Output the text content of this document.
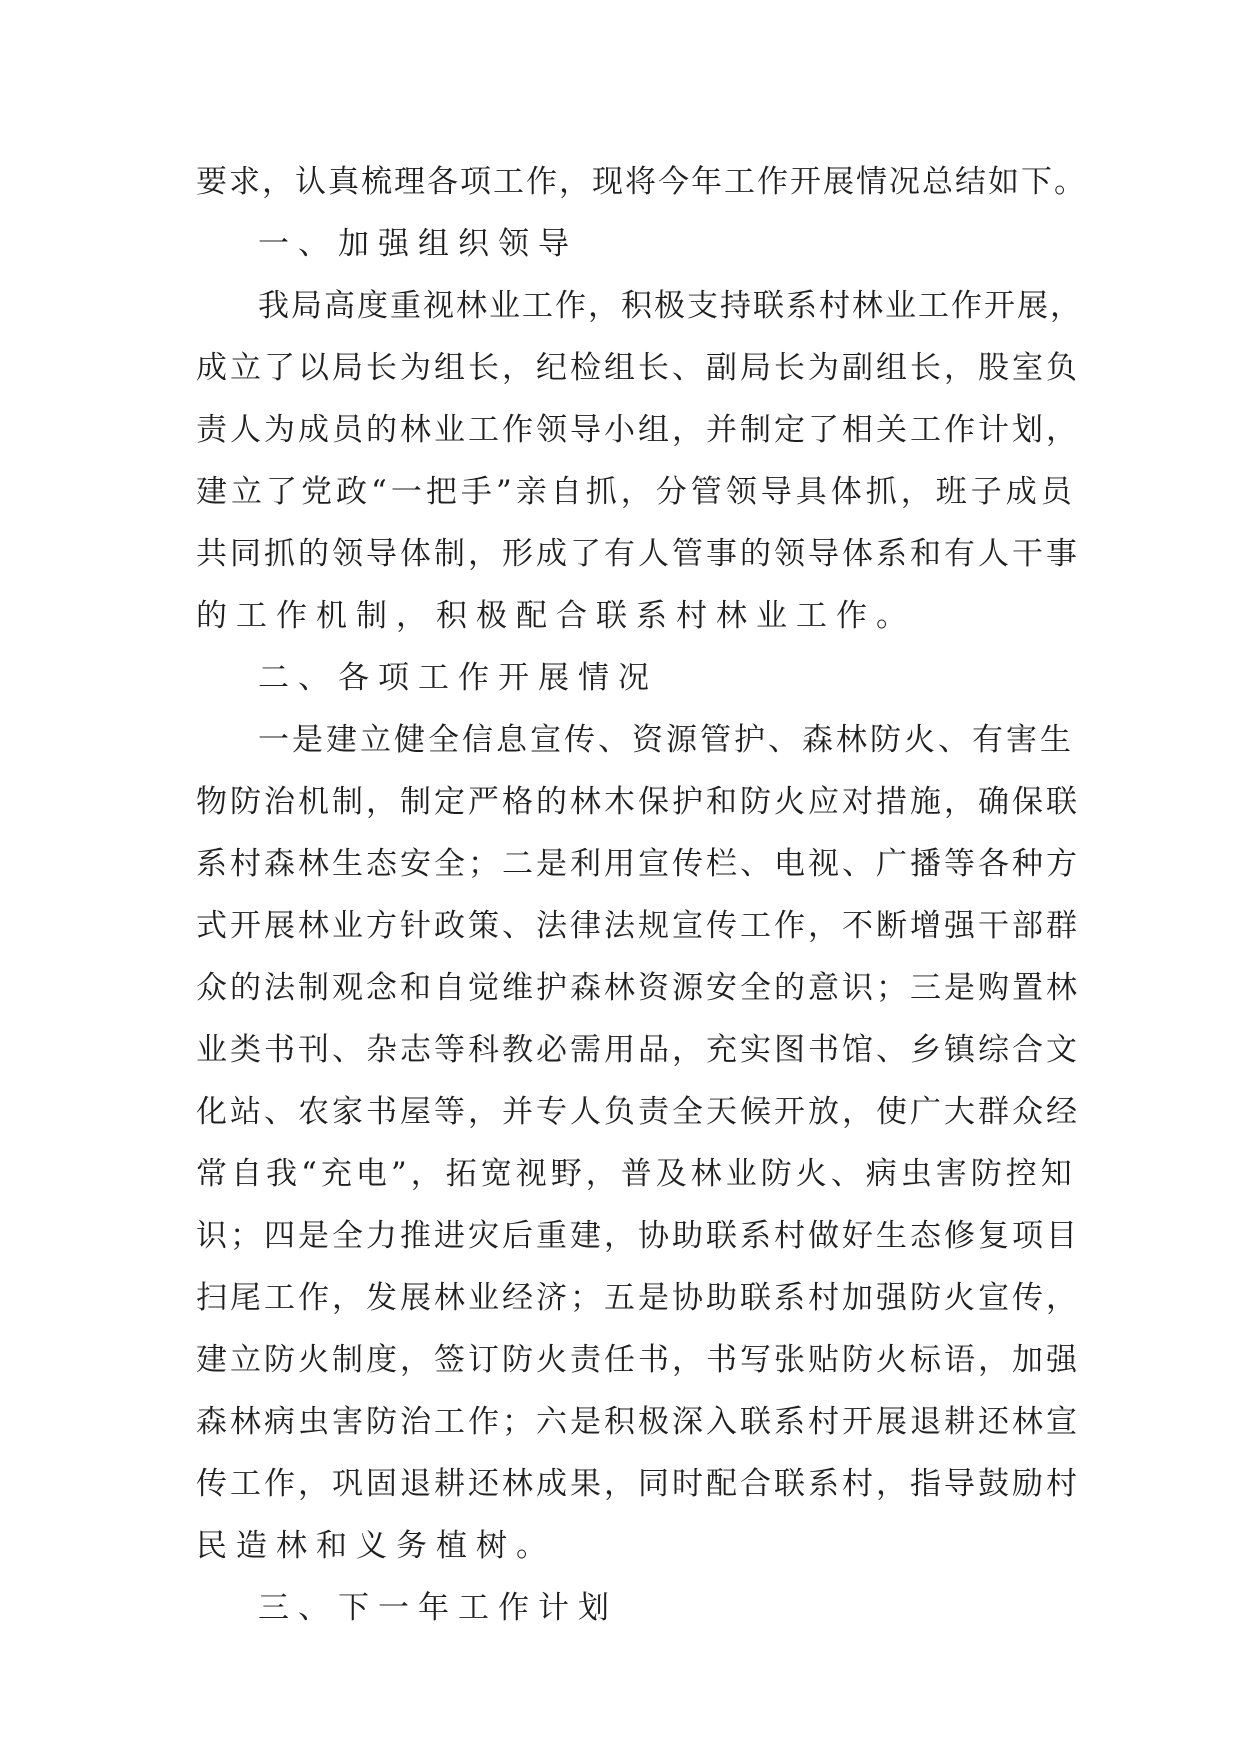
要求，认真梳理各项工作，现将今年工作开展情况总结如下。
一、加强组织领导
我局高度重视林业工作，积极支持联系村林业工作开展，
成立了以局长为组长，纪检组长、副局长为副组长，股室负
责人为成员的林业工作领导小组，并制定了相关工作计划，
建立了党政“一把手”亲自抓，分管领导具体抓，班子成员
共同抓的领导体制，形成了有人管事的领导体系和有人干事
的工作机制，积极配合联系村林业工作。
二、各项工作开展情况
一是建立健全信息宣传、资源管护、森林防火、有害生
物防治机制，制定严格的林木保护和防火应对措施，确保联
系村森林生态安全；二是利用宣传栏、电视、广播等各种方
式开展林业方针政策、法律法规宣传工作，不断增强干部群
众的法制观念和自觉维护森林资源安全的意识；三是购置林
业类书刊、杂志等科教必需用品，充实图书馆、乡镇综合文
化站、农家书屋等，并专人负责全天候开放，使广大群众经
常自我“充电”，拓宽视野，普及林业防火、病虫害防控知
识；四是全力推进灾后重建，协助联系村做好生态修复项目
扫尾工作，发展林业经济；五是协助联系村加强防火宣传，
建立防火制度，签订防火责任书，书写张贴防火标语，加强
森林病虫害防治工作；六是积极深入联系村开展退耕还林宣
传工作，巩固退耕还林成果，同时配合联系村，指导鼓励村
民造林和义务植树。
三、下一年工作计划
